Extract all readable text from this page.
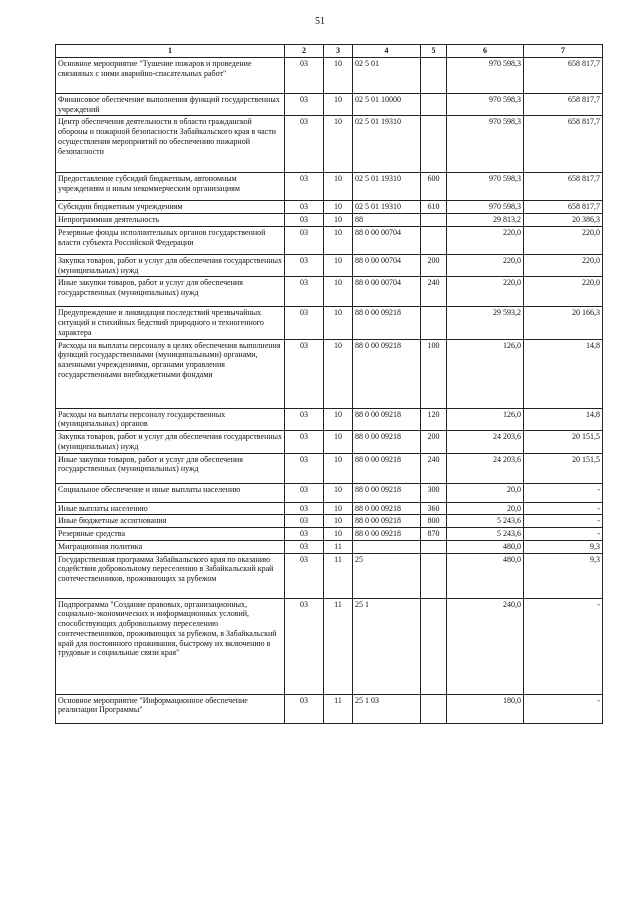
51
1	2	3	4	5	6	7
Основное мероприятие "Тушение пожаров и проведение связанных с ними аварийно-спасательных работ"	03	10	02 5 01		970 598,3	658 817,7
Финансовое обеспечение выполнения функций государственных учреждений	03	10	02 5 01 10000		970 598,3	658 817,7
Центр обеспечения деятельности в области гражданской обороны и пожарной безопасности Забайкальского края в части осуществления мероприятий по обеспечению пожарной безопасности	03	10	02 5 01 19310		970 598,3	658 817,7
Предоставление субсидий бюджетным, автономным учреждениям и иным некоммерческим организациям	03	10	02 5 01 19310	600	970 598,3	658 817,7
Субсидии бюджетным учреждениям	03	10	02 5 01 19310	610	970 598,3	658 817,7
Непрограммная деятельность	03	10	88		29 813,2	20 386,3
Резервные фонды исполнительных органов государственной власти субъекта Российской Федерации	03	10	88 0 00 00704		220,0	220,0
Закупка товаров, работ и услуг для обеспечения государственных (муниципальных) нужд	03	10	88 0 00 00704	200	220,0	220,0
Иные закупки товаров, работ и услуг для обеспечения государственных (муниципальных) нужд	03	10	88 0 00 00704	240	220,0	220,0
Предупреждение и ликвидация последствий чрезвычайных ситуаций и стихийных бедствий природного и техногенного характера	03	10	88 0 00 09218		29 593,2	20 166,3
Расходы на выплаты персоналу в целях обеспечения выполнения функций государственными (муниципальными) органами, казенными учреждениями, органами управления государственными внебюджетными фондами	03	10	88 0 00 09218	100	126,0	14,8
Расходы на выплаты персоналу государственных (муниципальных) органов	03	10	88 0 00 09218	120	126,0	14,8
Закупка товаров, работ и услуг для обеспечения государственных (муниципальных) нужд	03	10	88 0 00 09218	200	24 203,6	20 151,5
Иные закупки товаров, работ и услуг для обеспечения государственных (муниципальных) нужд	03	10	88 0 00 09218	240	24 203,6	20 151,5
Социальное обеспечение и иные выплаты населению	03	10	88 0 00 09218	300	20,0	-
Иные выплаты населению	03	10	88 0 00 09218	360	20,0	-
Иные бюджетные ассигнования	03	10	88 0 00 09218	800	5 243,6	-
Резервные средства	03	10	88 0 00 09218	870	5 243,6	-
Миграционная политика	03	11			480,0	9,3
Государственная программа Забайкальского края по оказанию содействия добровольному переселению в Забайкальский край соотечественников, проживающих за рубежом	03	11	25		480,0	9,3
Подпрограмма "Создание правовых, организационных, социально-экономических и информационных условий, способствующих добровольному переселению соотечественников, проживающих за рубежом, в Забайкальский край для постоянного проживания, быстрому их включению в трудовые и социальные связи края"	03	11	25 1		240,0	-
Основное мероприятие "Информационное обеспечение реализации Программы"	03	11	25 1 03		180,0	-
